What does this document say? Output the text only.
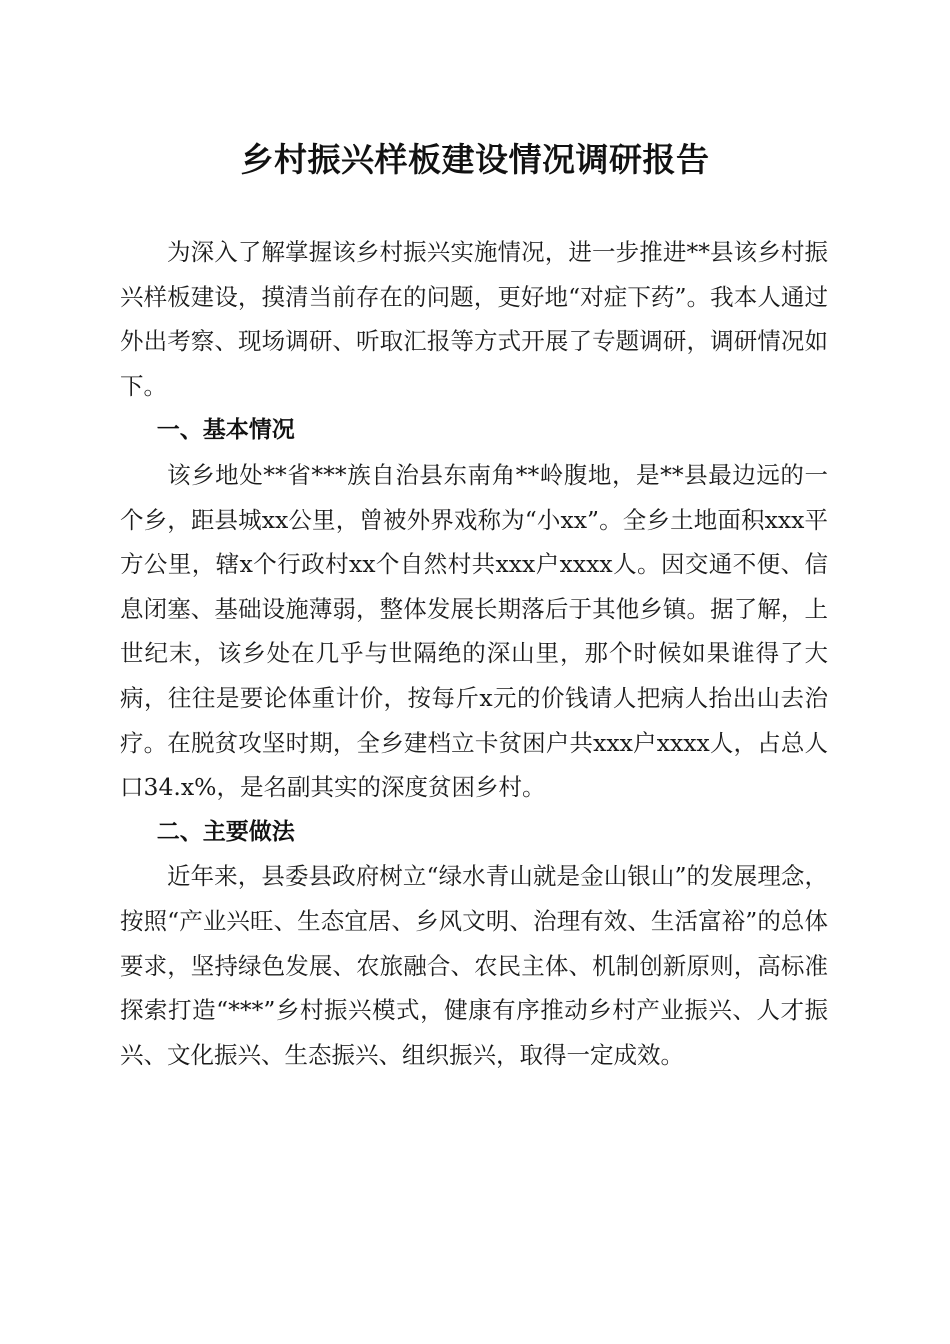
乡村振兴样板建设情况调研报告

为深入了解掌握该乡村振兴实施情况，进一步推进**县该乡村振兴样板建设，摸清当前存在的问题，更好地“对症下药”。我本人通过外出考察、现场调研、听取汇报等方式开展了专题调研，调研情况如下。

一、基本情况

该乡地处**省***族自治县东南角**岭腹地，是**县最边远的一个乡，距县城xx公里，曾被外界戏称为“小xx”。全乡土地面积xxx平方公里，辖x个行政村xx个自然村共xxx户xxxx人。因交通不便、信息闭塞、基础设施薄弱，整体发展长期落后于其他乡镇。据了解，上世纪末，该乡处在几乎与世隔绝的深山里，那个时候如果谁得了大病，往往是要论体重计价，按每斤x元的价钱请人把病人抬出山去治疗。在脱贫攻坚时期，全乡建档立卡贫困户共xxx户xxxx人，占总人口34.x%，是名副其实的深度贫困乡村。

二、主要做法

近年来，县委县政府树立“绿水青山就是金山银山”的发展理念，按照“产业兴旺、生态宜居、乡风文明、治理有效、生活富裕”的总体要求，坚持绿色发展、农旅融合、农民主体、机制创新原则，高标准探索打造“***”乡村振兴模式，健康有序推动乡村产业振兴、人才振兴、文化振兴、生态振兴、组织振兴，取得一定成效。
